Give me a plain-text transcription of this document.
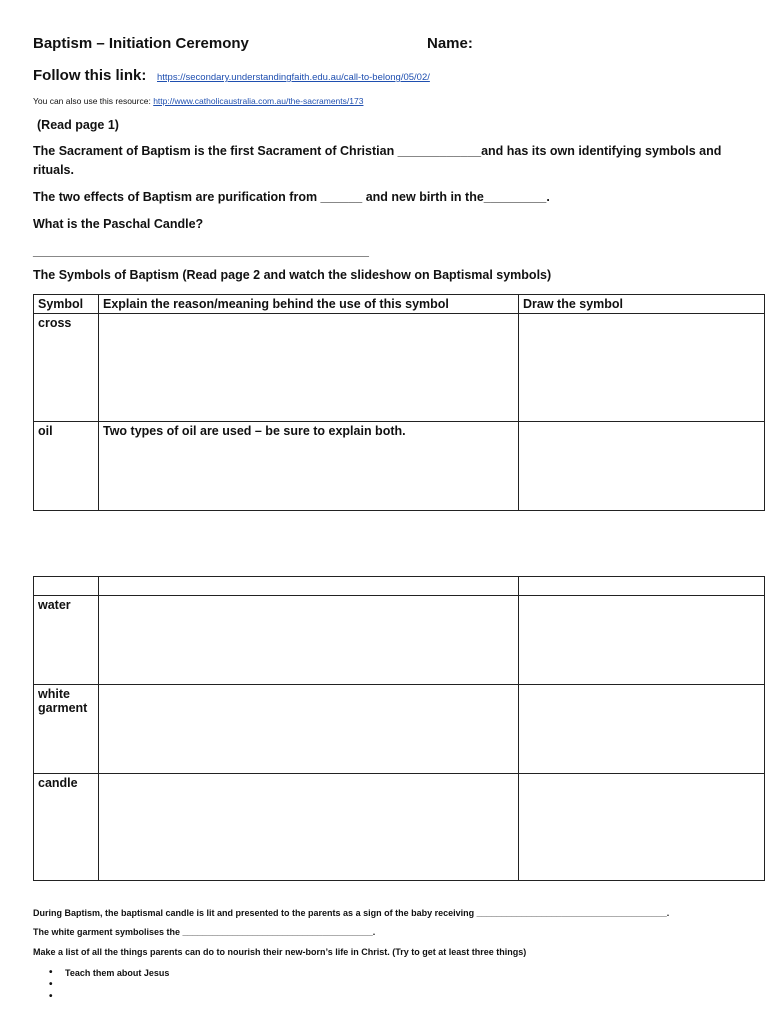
Baptism – Initiation Ceremony	Name:
Follow this link: https://secondary.understandingfaith.edu.au/call-to-belong/05/02/
You can also use this resource: http://www.catholicaustralia.com.au/the-sacraments/173
(Read page 1)
The Sacrament of Baptism is the first Sacrament of Christian ____________and has its own identifying symbols and
rituals.
The two effects of Baptism are purification from ______ and new birth in the_________.
What is the Paschal Candle?
____________________________________________________
The Symbols of Baptism (Read page 2 and watch the slideshow on Baptismal symbols)
Symbol	Explain the reason/meaning behind the use of this symbol	Draw the symbol
cross		
oil	Two types of oil are used – be sure to explain both.	

water		
white garment		
candle		
During Baptism, the baptismal candle is lit and presented to the parents as a sign of the baby receiving ______________________________________.
The white garment symbolises the ______________________________________.
Make a list of all the things parents can do to nourish their new-born’s life in Christ. (Try to get at least three things)
• Teach them about Jesus
•
•
